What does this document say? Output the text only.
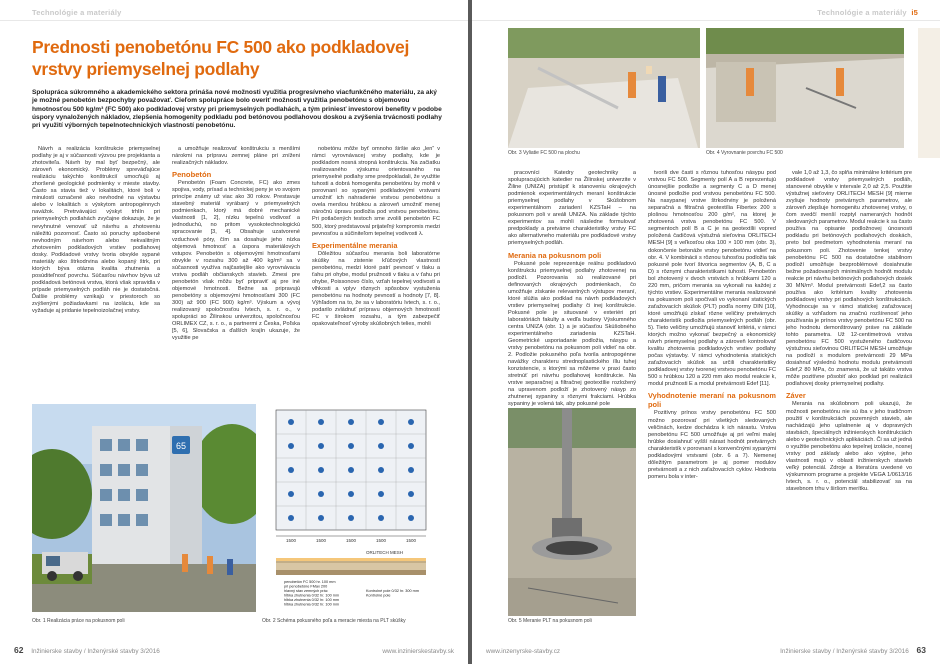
Technológie a materiály
Prednosti penobetónu FC 500 ako podkladovej vrstvy priemyselnej podlahy
Spolupráca súkromného a akademického sektora prináša nové možnosti využitia progresívneho viacfunkčného materiálu, za aký je možné penobetón bezpochyby považovať. Cieľom spolupráce bolo overiť možnosti využitia penobetónu s objemovou hmotnosťou 500 kg/m³ (FC 500) ako podkladovej vrstvy pri priemyselných podlahách, a tým priniesť investorovi benefity v podobe úspory vynaložených nákladov, zlepšenia homogenity podkladu pod betónovou podlahovou doskou a zvýšenia trvácnosti podlahy pri využití výborných tepelnotechnických vlastností penobetónu.

Návrh a realizácia konštrukcie priemyselnej podlahy je aj v súčasnosti výzvou pre projektanta a zhotoviteľa. Návrh by mal byť bezpečný, ale zároveň ekonomický. Problémy spreváďajúce realizáciu takýchto konštrukcií umocňujú aj zhoršené geologické podmienky v mieste stavby. Často sa stavia tiež v lokalitách, ktoré boli v minulosti označené ako nevhodné na výstavbu alebo v lokalitách s výskytom antropogénnych navážok. Pretrvávajúci výskyt trhlín pri priemyselných podlahách zvyčajne dokazuje, že je nevyhnutné venovať už návrhu a zhotoveniu náležitú pozornosť. Často sú poruchy spôsobené nevhodným návrhom alebo nekvalitným zhotovením podkladových vrstiev podlahovej dosky. Podkladové vrstvy tvoria obvykle sypané materiály ako štrkodrvina alebo kopaný štrk, pri ktorých býva otázna kvalita zhutnenia a posúditeľnosť povrchu. Súčasťou návrhov býva už podkladová betónová vrstva, ktorá však spravidla v prípade priemyselných podláh nie je dostatočná. Ďalšie problémy vznikajú v priestoroch so zvýšenými požiadavkami na izoláciu, kde sa vyžaduje aj pridanie tepelnoizolačnej vrstvy.

a umožňuje realizovať konštrukciu s menšími nárokmi na prípravu zemnej pláne pri zníženi realizačných nákladov.

Penobetón

Penobetón (Foam Concrete, FC) ako zmes spojiva, vody, prísad a technickej peny je vo svojom princípe známy už viac ako 30 rokov. Prestavuje stavebný materiál vyrábaný v priemyselných podmienkach, ktorý má dobré mechanické vlastnosti [1, 2], nízku tepelnú vodivosť a jednoduchú, no pritom vysokotechnologickú spracovanie [3, 4]. Obsahuje uzatvorené vzduchové póry, čím sa dosahuje jeho nízka objemová hmotnosť a úspora materiálových vstupov. Penobetón s objemovými hmotnosťami obvykle v rozsahu 300 až 400 kg/m³ sa v súčasnosti využíva najčastejšie ako vyrovnávacia vrstva podláh občianskych stavieb. Zmesi pre penobetón však môžu byť pripraviť aj pre iné objemové hmotnosti. Bežne sa pripravujú penobetóny s objemovými hmotnosťami 300 (FC 300) až 900 (FC 900) kg/m³. Výskum a vývoj realizovaný spoločnosťou Ivtech, s. r. o., v spolupráci so Žilinskou univerzitou, spoločnosťou ORLIMEX CZ, s. r. o., a partnermi z Česka, Poľska [5, 6], Slovačska a ďalších krajín ukazuje, že využitie pe

nobetónu môže byť omnoho širšie ako „len“ v rámci vyrovnávacej vrstvy podlahy, kde je podkladom nosná stropná konštrukcia. Na začiatku realizovaného výskumu orientovaného na priemyselné podlahy sme predpokladali, že využitie tuhosti a dobrá homogenita penobetónu by mohli v porovnaní so sypanými podkladovými vrstvami umožniť ich nahradenie vrstvou penobetónu s ovela menšou hrúbkou a zároveň umožniť menej náročnú úpravu podložia pod vrstvou penobetónu. Pri potlačených testoch sme zvolili penobetón FC 500, ktorý predstavoval prijateľný kompromis medzi pevnosťou a súčiniteľom tepelnej vodivosti λ.

Experimentálne merania

Dôležitou súčasťou merania boli laboratórne skúšky na zistenie kľúčových vlastností penobetónu, medzi ktoré patrí pevnosť v tlaku a ťahu pri ohybe, modul pružnosti v tlaku a v ťahu pri ohybe, Poissonovo číslo, vzťah tepelnej vodivosti a vlhkosti a vplyv rôznych spôsobov vystuženia penobetónu na hodnoty pevností a hodnoty [7, 8]. Výhľadom na to, že sa v laboratóriu Ivtech, s. r. o., podarilo zvládnuť prípravu objemových hmotností FC v širokom rozsahu, a tým zabezpečiť opakovateľnosť výroby skúšobných telies, mohli

65
Obr. 1 Realizácia práce na pokusnom poli
1500	1500	1500	1500	1500
ORLITECH MESH
penobetón FC 500 hr. 100 mm
pri penobetóne FMax 200
hlavný stav zemných prác
hĺbka zhutnenia 0/32 hr. 100 mm
hĺbka zhutnenia 0/32 hr. 100 mm
hĺbka zhutnenia 0/32 hr. 100 mm
Kontrolné pole 0/32 hr. 300 mm
Kontrolné pole
Obr. 2 Schéma pokusného poľa a meracie miesta na PLT skúšky
62 Inžinierske stavby / Inženýrské stavby 3/2016	www.inzinierskestavby.sk
Technológie a materiály i5
Obr. 3 Vyliatie FC 500 na plochu	Obr. 4 Vyrovnanie povrchu FC 500

pracovníci Katedry geotechniky a spolupracujúcich katedier na Žilinskej univerzite v Žiline (UNIZA) pristúpiť k stanoveniu okrajových podmienok experimentálnych meraní konštrukcie priemyselnej podlahy v Skúšobnom experimentálnom zariadení KZSTaH – na pokusnom poli v areáli UNIZA. Na základe týchto experimentov sa mohli následne formulovať predpoklady a pretvárne charakteristiky vrstvy FC ako alternatívneho materiálu pre podkladové vrstvy priemyselných podláh.

Merania na pokusnom poli

Pokusné pole reprezentuje reálnu podkladovú konštrukciu priemyselnej podlahy zhotovenej na podloží. Pozorovania sú realizované pri definovaných okrajových podmienkach, čo umožňuje získanie relevantných výstupov meraní, ktoré slúžia ako podklad na návrh podkladových vrstiev priemyselnej podlahy či inej konštrukcie. Pokusné pole je situované v exteriéri pri laboratóriách fakulty a vedľa budovy Výskumného centra UNIZA (obr. 1) a je súčasťou Skúšobného experimentálneho zariadenia KZSTaH. Geometrické usporiadanie podložia, násypu a vrstvy penobetónu na pokusnom poli vidieť na obr. 2. Podložie pokusného poľa tvorila antropogénne navážky charakteru strednoplastického íllu tuhej konzistencie, s ktorými sa môžeme v praxi často stretnúť pri návrhu podlahovej konštrukcie. Na vrstve separačnej a filtračnej geotextílie rozložený na upravenom podloží je zhotovený násyp zo zhutnenej sypaniny s rôznymi frakciami. Hrúbka sypaniny je volená tak, aby pokusné pole

Obr. 5 Meranie PLT na pokusnom poli

tvorili dve časti s rôznou tuhosťou násypu pod vrstvou FC 500. Segmenty polí A a B reprezentujú únosnejšie podložie a segmenty C a D menej únosné podložie pod vrstvou penobetónu FC 500. Na nasypanej vrstve štrkodrviny je položená separačná a filtračná geotextília Fibertex 200 s plošnou hmotnosťou 200 g/m², na ktorej je zhotovená vrstva penobetónu FC 500. V segmentoch polí B a C je na geotextílii vopred položená čadičová výstužná sieťovina ORLITECH MESH [9] s veľkosťou oka 100 × 100 mm (obr. 3), dokončenie betonáže vrstvy penobetónu vidieť na obr. 4. V kombinácii s rôznou tuhosťou podložia tak pokusné pole tvorí štvorica segmentov (A, B, C a D) s rôznymi charakteristikami tuhosti. Penobetón bol zhotovený v dvoch vrstvách s hrúbkami 120 a 220 mm, pričom merania sa vykonali na každej z týchto vrstiev. Experimentálne merania realizované na pokusnom poli spočívali vo vykonaní statických zaťažovacích skúšok (PLT) podľa normy DIN [10], ktoré umožňujú získať rôzne veličiny pretvárnych charakteristík podložia priemyselných podláh (obr. 5). Tieto veličiny umožňujú stanoviť kritériá, v rámci ktorých možno vykonať bezpečný a ekonomický návrh priemyselnej podlahy a zároveň kontrolovať kvalitu zhotovenia podkladových vrstiev podlahy počas výstavby. V rámci vyhodnotenia statických zaťažovacích skúšok sa určili charakteristiky podkladovej vrstvy tvorenej vrstvou penobetónu FC 500 s hrúbkou 120 a 220 mm ako modul reakcie k, modul pružnosti E a modul pretvárnosti Edef [11].

Vyhodnotenie meraní na pokusnom poli

Pozitívny prínos vrstvy penobetónu FC 500 možno pozorovať pri všetkých sledovaných veličinách, kedze dochádza k ich nárastu. Vrstva penobetónu FC 500 umožňuje aj pri veľmi malej hrúbke dosiahnuť vyšší nárast hodnôt pretvárnych charakteristík v porovnaní s konvenčnými sypanými podkladovými vrstvami (obr. 6 a 7). Nemenej dôležitým parametrom je aj pomer modulov pretvárnosti a z nich zaťažovacích cyklov. Hodnota pomeru bola v inter-

vale 1,0 až 1,3, čo spĺňa minimálne kritérium pre podkladové vrstvy priemyselných podláh, stanovené obvykle v intervale 2,0 až 2,5. Použitie výstužnej sieťoviny ORLITECH MESH [9] mierne zvyšuje hodnoty pretvárnych parametrov, ale zároveň zlepšuje homogenitu zhotovenej vrstvy, o čom svedčí menší rozptyl nameraných hodnôt sledovaných parametrov. Modul reakcie k sa často používa na opisanie podložnovej únosnosti podkladu pri betónových podlahových doskách, preto bol predmetom vyhodnotenia meraní na pokusnom poli. Zhotovenie tenkej vrstvy penobetónu FC 500 na dostatočne stabilnom podloží umožňuje bezproblémové dosiahnutie bežne požadovaných minimálnych hodnôt modulu reakcie pri návrhu betónových podlahových dosiek 30 MN/m³. Modul pretvárnosti Edef,2 sa často používa ako kritérium kvality zhotovenia podkladovej vrstvy pri podlahových konštrukciách. Vyhodnocuje sa v rámci statickej zaťažovacej skúšky a vzhľadom na značnú rozšírenosť jeho používania je prínos vrstvy penobetónu FC 500 na jeho hodnotu demonštrovaný práve na základe tohto parametra. Už 12-centimetrová vrstva penobetónu FC 500 vystuženého čadičovou výstužnou sieťovinou ORLITECH MESH umožňuje na podloží s modulom pretvárnosti 29 MPa dosiahnuť výslednú hodnotu modulu pretvárnosti Edef,2 80 MPa, čo znamená, že už takáto vrstva môže pozitívne pôsobiť ako podklad pri realizácii podlahovej dosky priemyselnej podlahy.

Záver

Merania na skúšobnom poli ukazujú, že možnosti penobetónu nie sú iba v jeho tradičnom použití v konštrukciách pozemných stavieb, ale nachádzajú jeho uplatnenie aj v dopravných stavbách, špeciálnych inžinierskych konštrukciách alebo v geotechnických aplikáciách. Či sa už jedná o využitie penobetónu ako tepelnej izolácie, nosnej vrstvy pod základy alebo ako výplne, jeho vlastnosti majú v oblasti inžinierskych stavieb veľký potenciál. Zdroje a literatúra uvedené vo výskumnom programe a projekte VEGA 1/0613/16 Ivtech, s. r. o., potenciál stabilizovať sa na stavebnom trhu v širšom merítku.

www.inzenyrske-stavby.cz	Inžinierske stavby / Inženýrské stavby 3/2016 63
